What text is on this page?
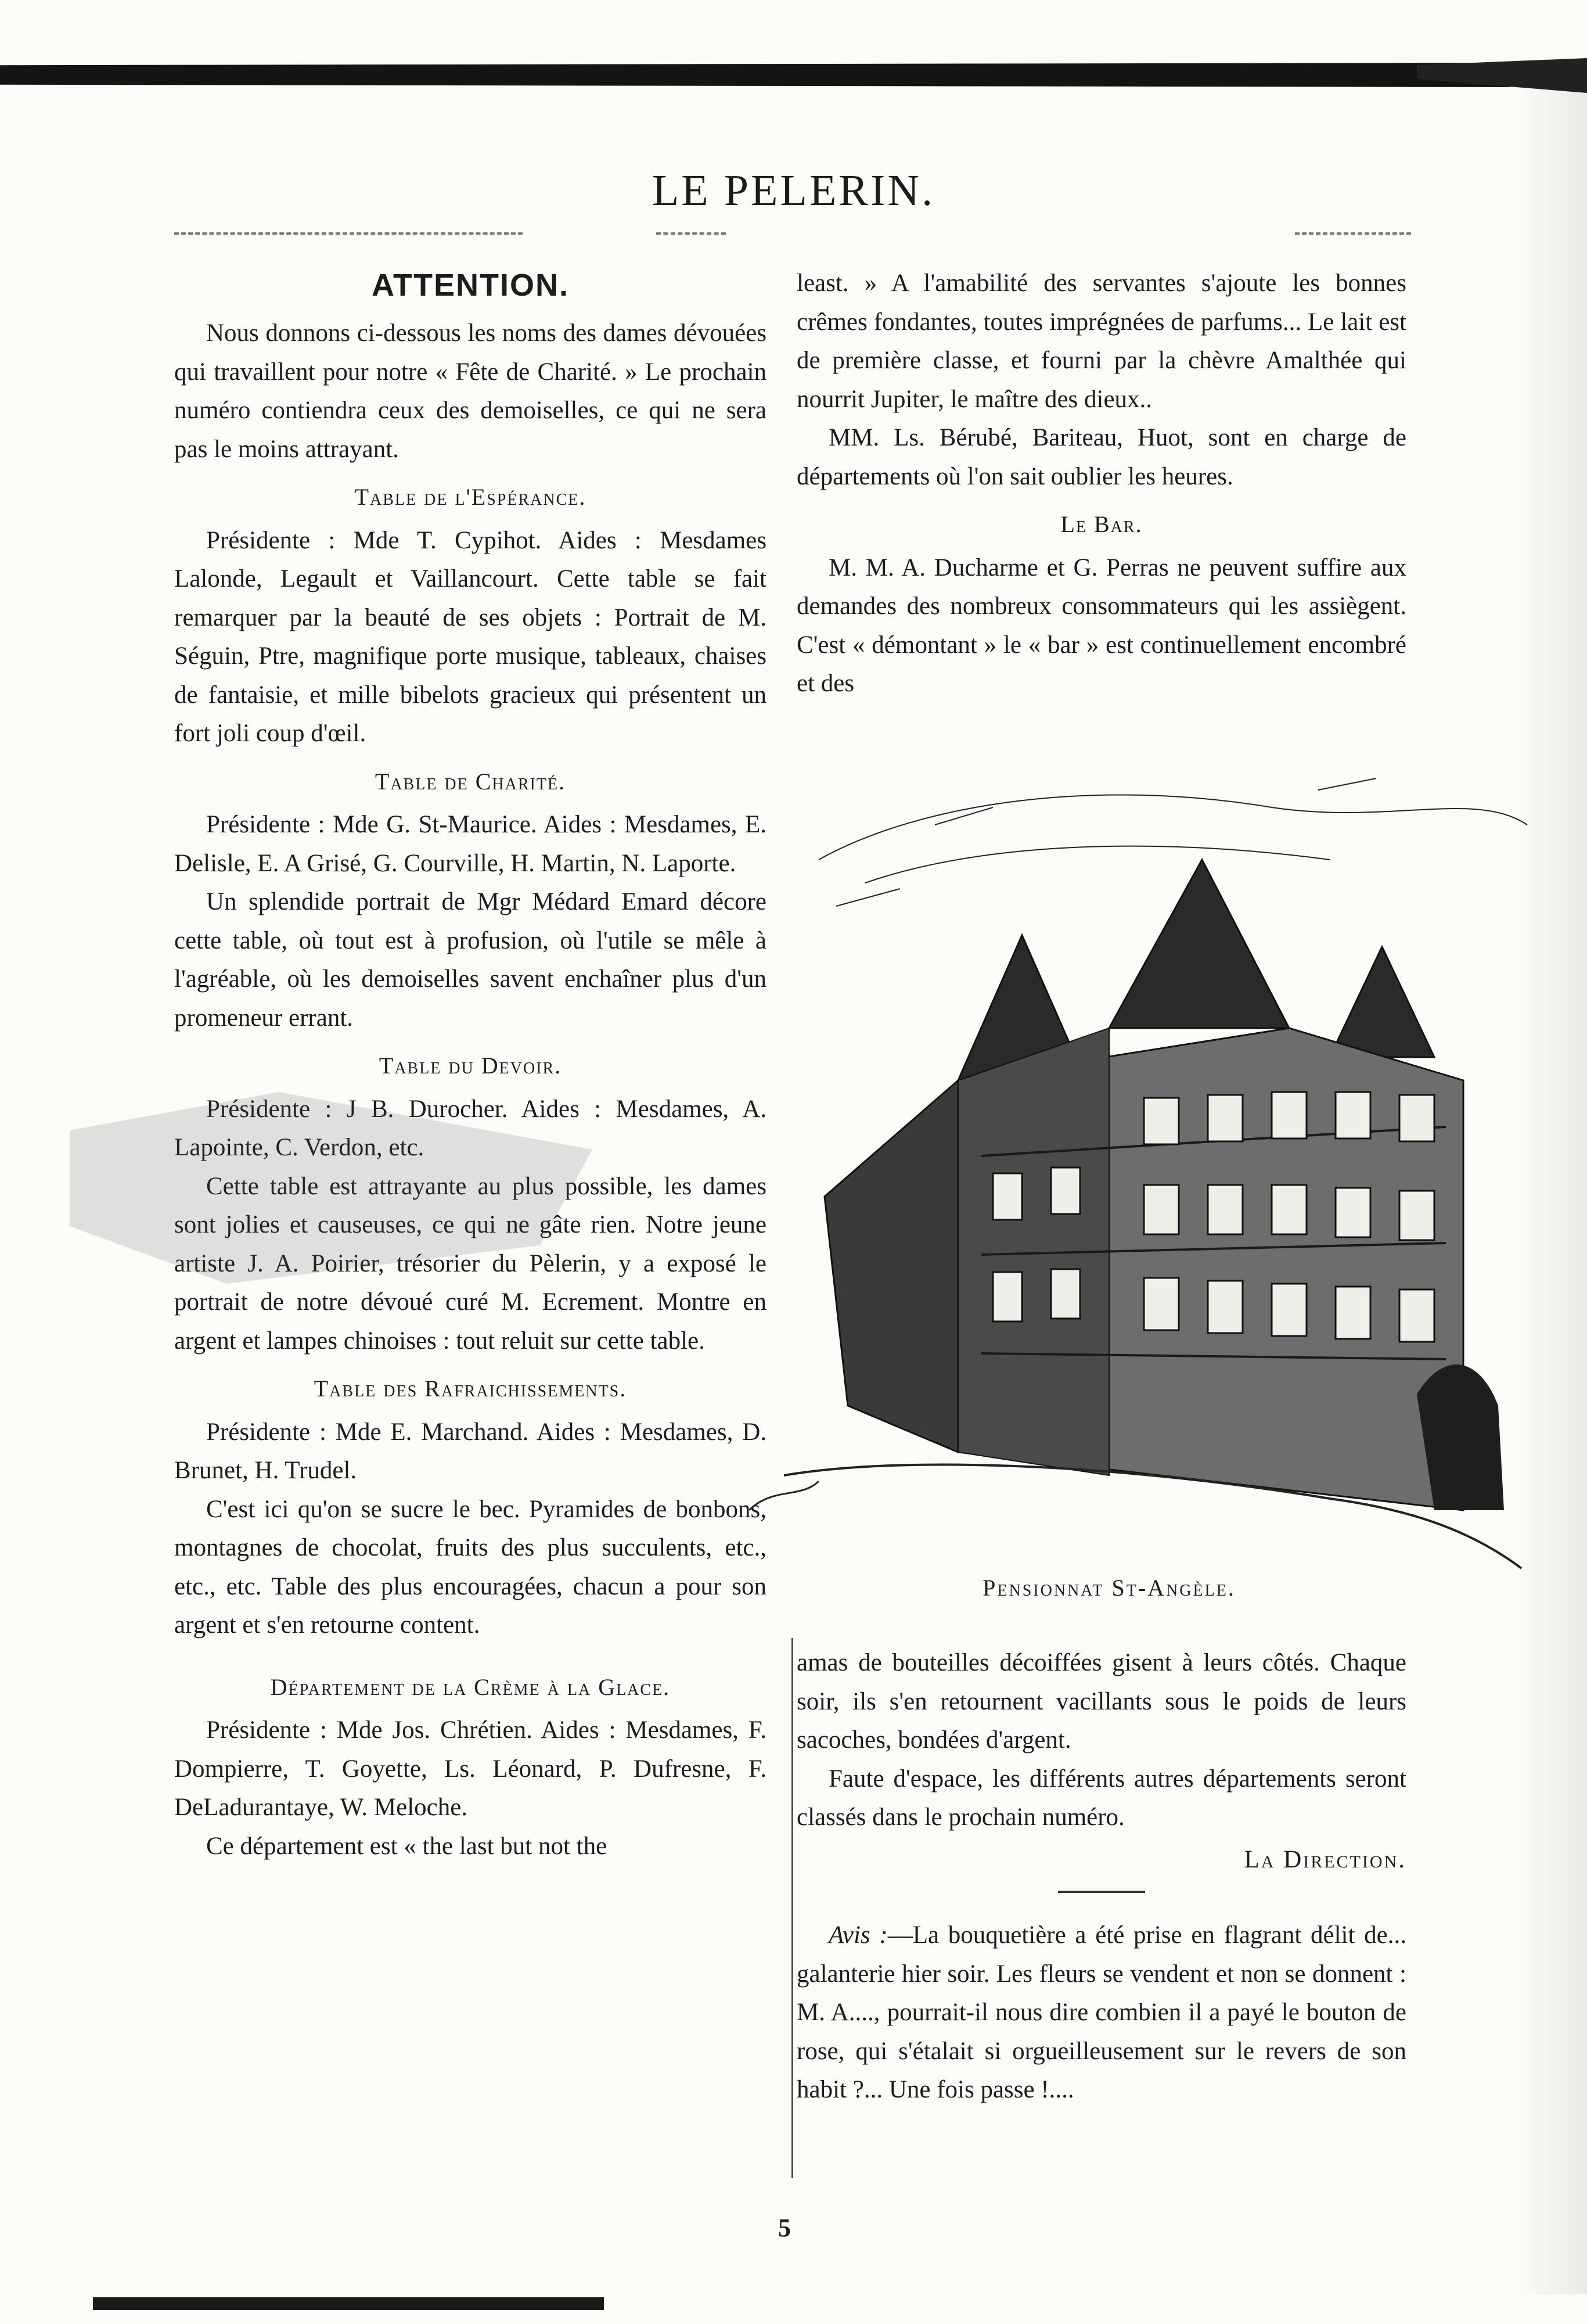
LE PELERIN.
ATTENTION.

Nous donnons ci-dessous les noms des dames dévouées qui travaillent pour notre « Fête de Charité. » Le prochain numéro contiendra ceux des demoiselles, ce qui ne sera pas le moins attrayant.

Table de l'Espérance.

Présidente : Mde T. Cypihot. Aides : Mesdames Lalonde, Legault et Vaillancourt. Cette table se fait remarquer par la beauté de ses objets : Portrait de M. Séguin, Ptre, magnifique porte musique, tableaux, chaises de fantaisie, et mille bibelots gracieux qui présentent un fort joli coup d'œil.

Table de Charité.

Présidente : Mde G. St-Maurice. Aides : Mesdames, E. Delisle, E. A Grisé, G. Courville, H. Martin, N. Laporte.

Un splendide portrait de Mgr Médard Emard décore cette table, où tout est à profusion, où l'utile se mêle à l'agréable, où les demoiselles savent enchaîner plus d'un promeneur errant.

Table du Devoir.

Présidente : J B. Durocher. Aides : Mesdames, A. Lapointe, C. Verdon, etc.

Cette table est attrayante au plus possible, les dames sont jolies et causeuses, ce qui ne gâte rien. Notre jeune artiste J. A. Poirier, trésorier du Pèlerin, y a exposé le portrait de notre dévoué curé M. Ecrement. Montre en argent et lampes chinoises : tout reluit sur cette table.

Table des Rafraichissements.

Présidente : Mde E. Marchand. Aides : Mesdames, D. Brunet, H. Trudel.

C'est ici qu'on se sucre le bec. Pyramides de bonbons, montagnes de chocolat, fruits des plus succulents, etc., etc., etc. Table des plus encouragées, chacun a pour son argent et s'en retourne content.

Département de la Crème à la Glace.

Présidente : Mde Jos. Chrétien. Aides : Mesdames, F. Dompierre, T. Goyette, Ls. Léonard, P. Dufresne, F. DeLadurantaye, W. Meloche.

Ce département est « the last but not the

least. » A l'amabilité des servantes s'ajoute les bonnes crêmes fondantes, toutes imprégnées de parfums... Le lait est de première classe, et fourni par la chèvre Amalthée qui nourrit Jupiter, le maître des dieux..

MM. Ls. Bérubé, Bariteau, Huot, sont en charge de départements où l'on sait oublier les heures.

Le Bar.

M. M. A. Ducharme et G. Perras ne peuvent suffire aux demandes des nombreux consommateurs qui les assiègent. C'est « démontant » le « bar » est continuellement encombré et des

Pensionnat St-Angèle.

amas de bouteilles décoiffées gisent à leurs côtés. Chaque soir, ils s'en retournent vacillants sous le poids de leurs sacoches, bondées d'argent.

Faute d'espace, les différents autres départements seront classés dans le prochain numéro.

La Direction.

Avis :—La bouquetière a été prise en flagrant délit de... galanterie hier soir. Les fleurs se vendent et non se donnent : M. A...., pourrait-il nous dire combien il a payé le bouton de rose, qui s'étalait si orgueilleusement sur le revers de son habit ?... Une fois passe !....

5
